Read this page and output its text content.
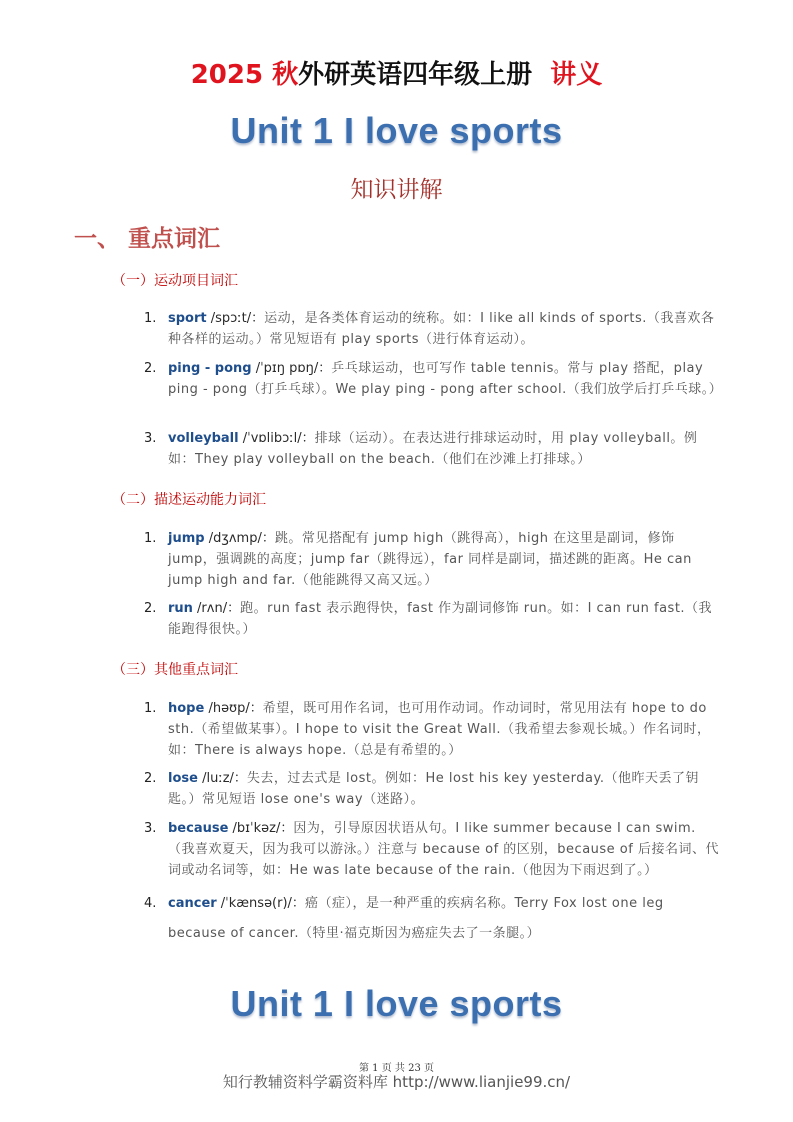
2025 秋外研英语四年级上册 讲义
Unit 1 I love sports
知识讲解
一、 重点词汇
（一）运动项目词汇
1. sport /spɔːt/：运动，是各类体育运动的统称。如：I like all kinds of sports.（我喜欢各种各样的运动。）常见短语有 play sports（进行体育运动）。
2. ping - pong /ˈpɪŋ pɒŋ/：乒乓球运动，也可写作 table tennis。常与 play 搭配，play ping - pong（打乒乓球）。We play ping - pong after school.（我们放学后打乒乓球。）
3. volleyball /ˈvɒlibɔːl/：排球（运动）。在表达进行排球运动时，用 play volleyball。例如：They play volleyball on the beach.（他们在沙滩上打排球。）
（二）描述运动能力词汇
1. jump /dʒʌmp/：跳。常见搭配有 jump high（跳得高），high 在这里是副词，修饰 jump，强调跳的高度；jump far（跳得远），far 同样是副词，描述跳的距离。He can jump high and far.（他能跳得又高又远。）
2. run /rʌn/：跑。run fast 表示跑得快，fast 作为副词修饰 run。如：I can run fast.（我能跑得很快。）
（三）其他重点词汇
1. hope /həʊp/：希望，既可用作名词，也可用作动词。作动词时，常见用法有 hope to do sth.（希望做某事）。I hope to visit the Great Wall.（我希望去参观长城。）作名词时，如：There is always hope.（总是有希望的。）
2. lose /luːz/：失去，过去式是 lost。例如：He lost his key yesterday.（他昨天丢了钥匙。）常见短语 lose one's way（迷路）。
3. because /bɪˈkəz/：因为，引导原因状语从句。I like summer because I can swim.（我喜欢夏天，因为我可以游泳。）注意与 because of 的区别，because of 后接名词、代词或动名词等，如：He was late because of the rain.（他因为下雨迟到了。）
4. cancer /ˈkænsə(r)/：癌（症），是一种严重的疾病名称。Terry Fox lost one leg because of cancer.（特里·福克斯因为癌症失去了一条腿。）
Unit 1 I love sports
第 1 页 共 23 页
知行教辅资料学霸资料库 http://www.lianjie99.cn/
